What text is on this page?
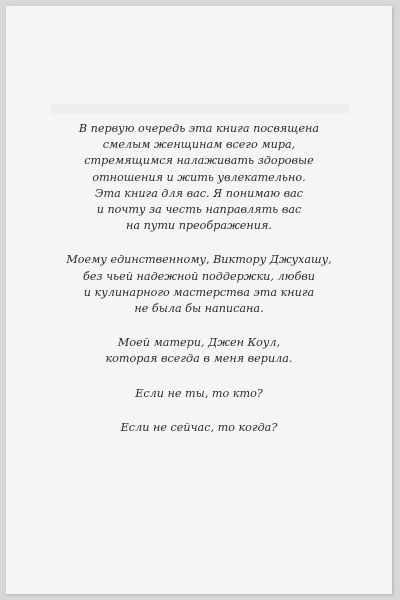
В первую очередь эта книга посвящена
смелым женщинам всего мира,
стремящимся налаживать здоровые
отношения и жить увлекательно.
Эта книга для вас. Я понимаю вас
и почту за честь направлять вас
на пути преображения.
Моему единственному, Виктору Джухашу,
без чьей надежной поддержки, любви
и кулинарного мастерства эта книга
не была бы написана.
Моей матери, Джен Коул,
которая всегда в меня верила.
Если не ты, то кто?
Если не сейчас, то когда?
